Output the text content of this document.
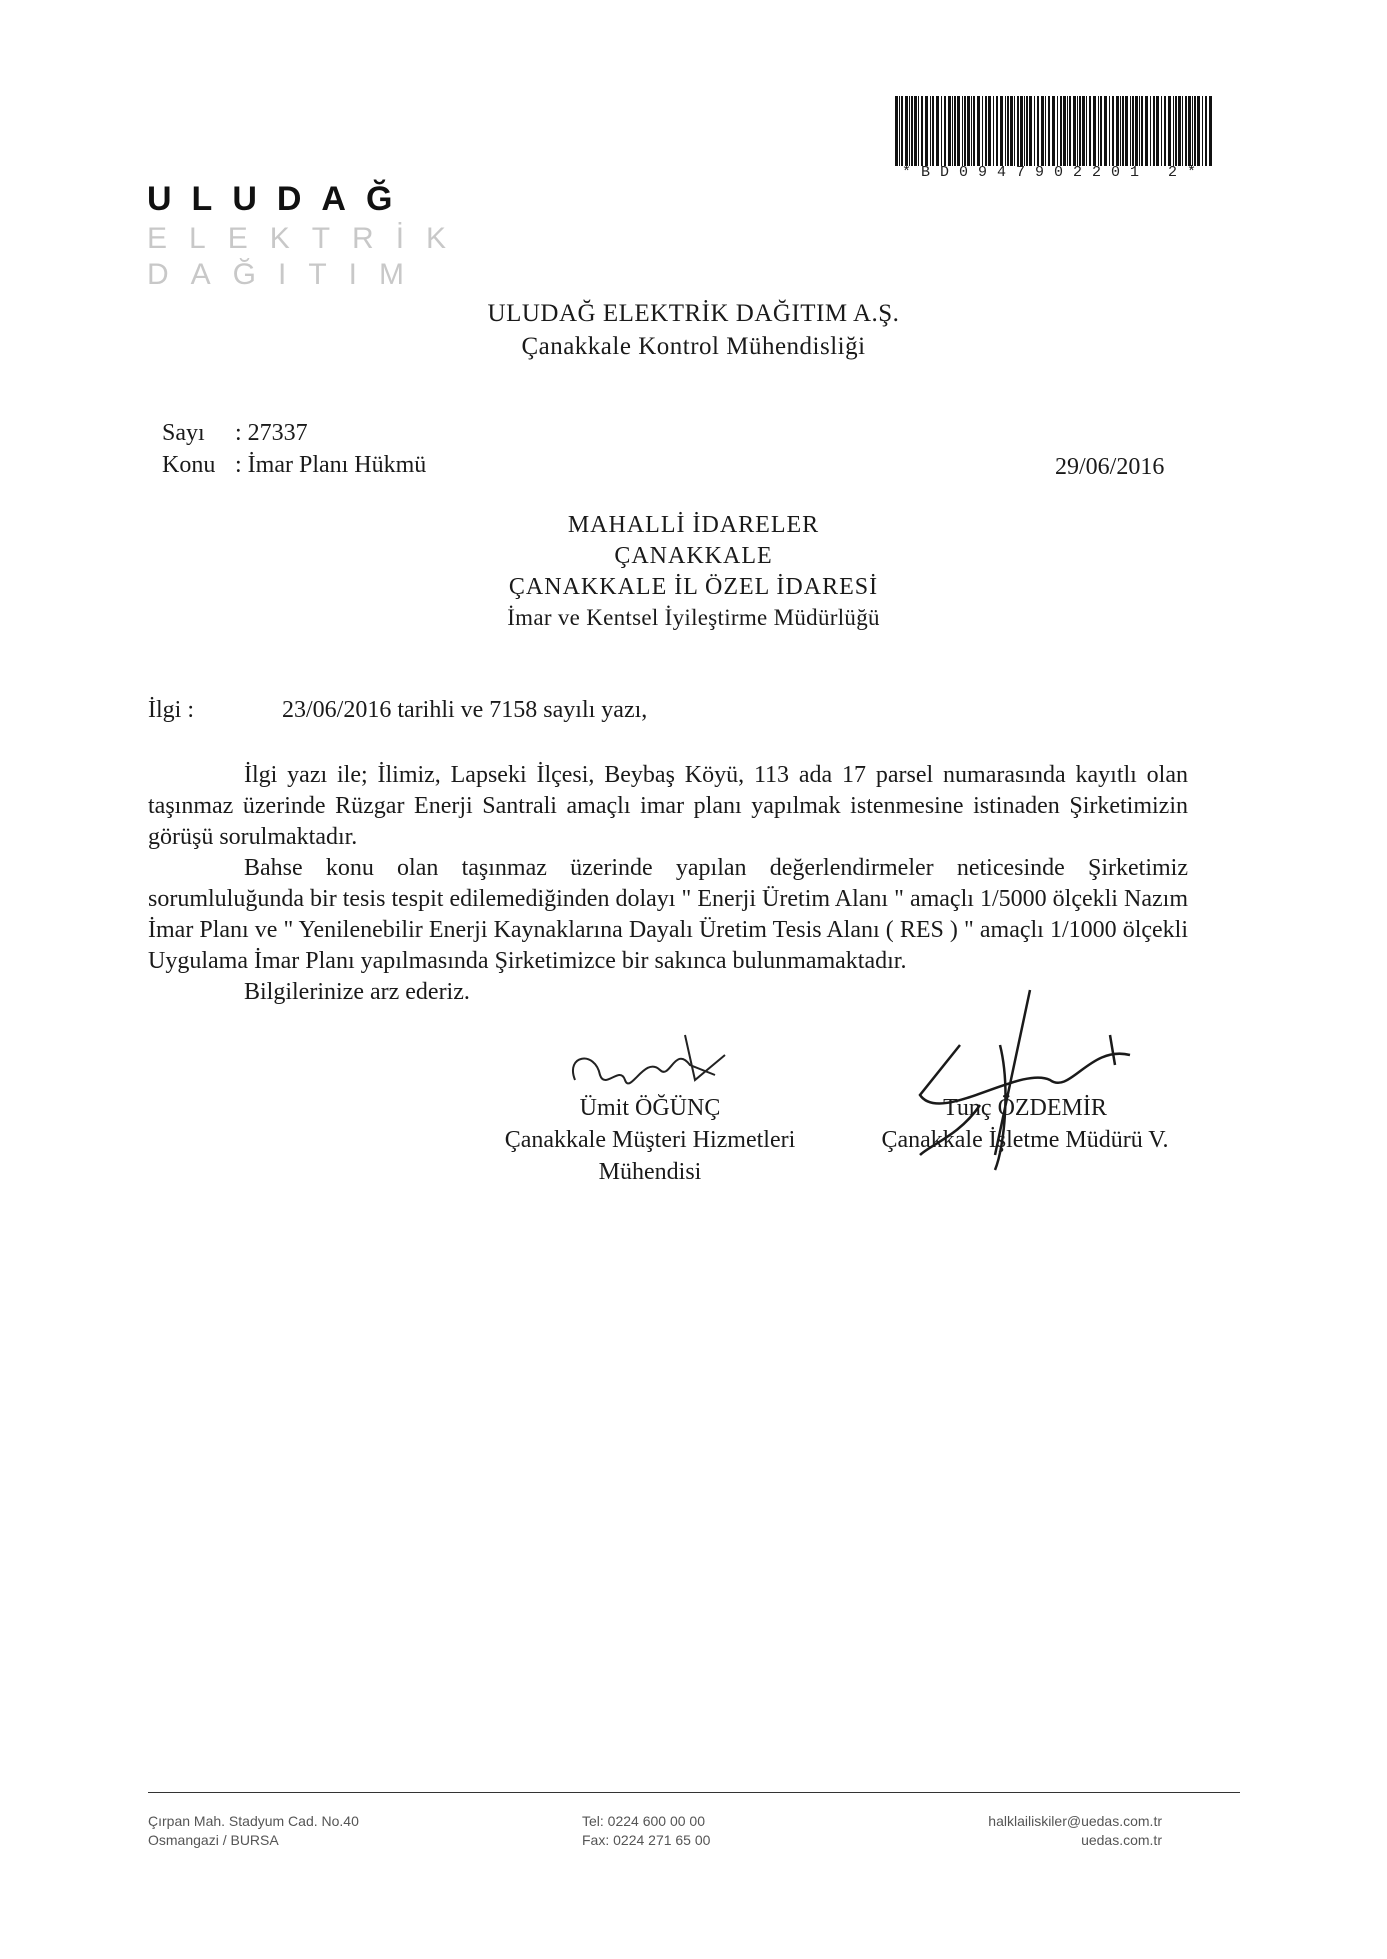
ULUDAĞ
ELEKTRİK
DAĞITIM
*BD0947902201 2*
ULUDAĞ ELEKTRİK DAĞITIM A.Ş.
Çanakkale Kontrol Mühendisliği
Sayı : 27337
Konu : İmar Planı Hükmü	29/06/2016
MAHALLİ İDARELER
ÇANAKKALE
ÇANAKKALE İL ÖZEL İDARESİ
İmar ve Kentsel İyileştirme Müdürlüğü
İlgi :	23/06/2016 tarihli ve 7158 sayılı yazı,

İlgi yazı ile; İlimiz, Lapseki İlçesi, Beybaş Köyü, 113 ada 17 parsel numarasında kayıtlı olan taşınmaz üzerinde Rüzgar Enerji Santrali amaçlı imar planı yapılmak istenmesine istinaden Şirketimizin görüşü sorulmaktadır.

Bahse konu olan taşınmaz üzerinde yapılan değerlendirmeler neticesinde Şirketimiz sorumluluğunda bir tesis tespit edilemediğinden dolayı " Enerji Üretim Alanı " amaçlı 1/5000 ölçekli Nazım İmar Planı ve " Yenilenebilir Enerji Kaynaklarına Dayalı Üretim Tesis Alanı ( RES ) " amaçlı 1/1000 ölçekli Uygulama İmar Planı yapılmasında Şirketimizce bir sakınca bulunmamaktadır.

Bilgilerinize arz ederiz.

Ümit ÖĞÜNÇ
Çanakkale Müşteri Hizmetleri
Mühendisi
Tunç ÖZDEMİR
Çanakkale İşletme Müdürü V.
Çırpan Mah. Stadyum Cad. No.40
Osmangazi / BURSA
Tel: 0224 600 00 00
Fax: 0224 271 65 00
halklailiskiler@uedas.com.tr
uedas.com.tr
